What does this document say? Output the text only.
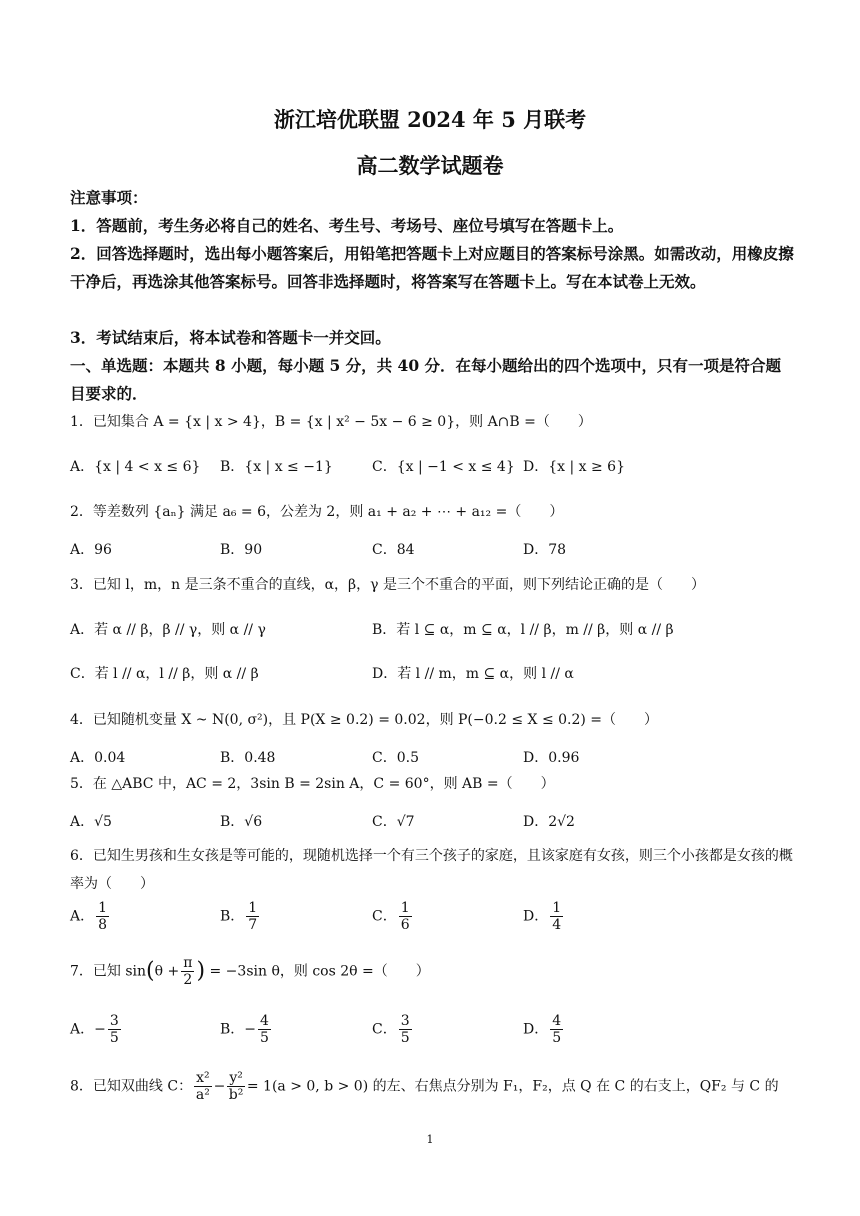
浙江培优联盟 2024 年 5 月联考
高二数学试题卷
注意事项：
1．答题前，考生务必将自己的姓名、考生号、考场号、座位号填写在答题卡上。
2．回答选择题时，选出每小题答案后，用铅笔把答题卡上对应题目的答案标号涂黑。如需改动，用橡皮擦干净后，再选涂其他答案标号。回答非选择题时，将答案写在答题卡上。写在本试卷上无效。
3．考试结束后，将本试卷和答题卡一并交回。
一、单选题：本题共 8 小题，每小题 5 分，共 40 分．在每小题给出的四个选项中，只有一项是符合题目要求的．
1．已知集合 A = {x | x > 4}，B = {x | x² − 5x − 6 ≥ 0}，则 A∩B =（　　）
A．{x | 4 < x ≤ 6} B．{x | x ≤ −1}	C．{x | −1 < x ≤ 4} D．{x | x ≥ 6}
2．等差数列 {aₙ} 满足 a₆ = 6，公差为 2，则 a₁ + a₂ + ⋯ + a₁₂ =（　　）
A．96	B．90	C．84	D．78
3．已知 l，m，n 是三条不重合的直线，α，β，γ 是三个不重合的平面，则下列结论正确的是（　　）
A．若 α // β，β // γ，则 α // γ	B．若 l ⊆ α，m ⊆ α，l // β，m // β，则 α // β
C．若 l // α，l // β，则 α // β	D．若 l // m，m ⊆ α，则 l // α
4．已知随机变量 X ~ N(0, σ²)，且 P(X ≥ 0.2) = 0.02，则 P(−0.2 ≤ X ≤ 0.2) =（　　）
A．0.04	B．0.48	C．0.5	D．0.96
5．在 △ABC 中，AC = 2，3sin B = 2sin A，C = 60°，则 AB =（　　）
A．√5	B．√6	C．√7	D．2√2
6．已知生男孩和生女孩是等可能的，现随机选择一个有三个孩子的家庭，且该家庭有女孩，则三个小孩都是女孩的概率为（　　）
A． $\frac{1}{8}$	B． $\frac{1}{7}$	C． $\frac{1}{6}$	D． $\frac{1}{4}$
7．已知 $\sin(\theta + \frac{\pi}{2}$ ) = −3sin θ，则 cos 2θ =（　　）
A．− $\frac{3}{5}$	B．− $\frac{4}{5}$	C． $\frac{3}{5}$	D． $\frac{4}{5}$
8．已知双曲线 C： $\frac{\text{x²}}{\text{a²}} - \frac{\text{y²}}{\text{b²}} = 1(a > 0$, b > 0) 的左、右焦点分别为 F₁，F₂，点 Q 在 C 的右支上，QF₂ 与 C 的
1
